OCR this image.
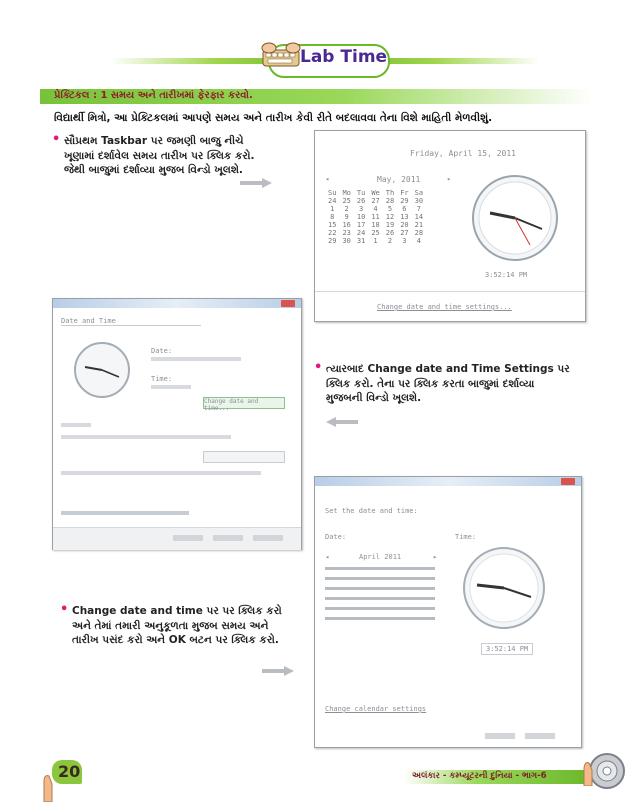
Lab Time
પ્રેક્ટિકલ : 1 સમય અને તારીખમાં ફેરફાર કરવો.
વિદ્યાર્થી મિત્રો, આ પ્રેક્ટિકલમાં આપણે સમય અને તારીખ કેવી રીતે બદલાવવા તેના વિશે માહિતી મેળવીશું.
• સૌપ્રથમ Taskbar પર જમણી બાજુ નીચે
ખૂણામાં દર્શાવેલ સમય તારીખ પર ક્લિક કરો.
જેથી બાજુમાં દર્શાવ્યા મુજબ વિન્ડો ખૂલશે.
Friday, April 15, 2011
◂	May, 2011	▸
Su	Mo	Tu	We	Th	Fr	Sa
24	25	26	27	28	29	30
1	2	3	4	5	6	7
8	9	10	11	12	13	14
15	16	17	18	19	20	21
22	23	24	25	26	27	28
29	30	31	1	2	3	4
3:52:14 PM
Change date and time settings...
Date and Time
Date:
Time:
Change date and time...
• ત્યારબાદ Change date and Time Settings પર
ક્લિક કરો. તેના પર ક્લિક કરતા બાજુમાં દર્શાવ્યા
મુજબની વિન્ડો ખૂલશે.
Set the date and time:
Date:	Time:
◂	April 2011	▸
3:52:14 PM
Change calendar settings
• Change date and time પર પર ક્લિક કરો
અને તેમાં તમારી અનુકૂળતા મુજબ સમય અને
તારીખ પસંદ કરો અને OK બટન પર ક્લિક કરો.
20	અલંકાર - કમ્પ્યૂટરની દુનિયા - ભાગ-6
